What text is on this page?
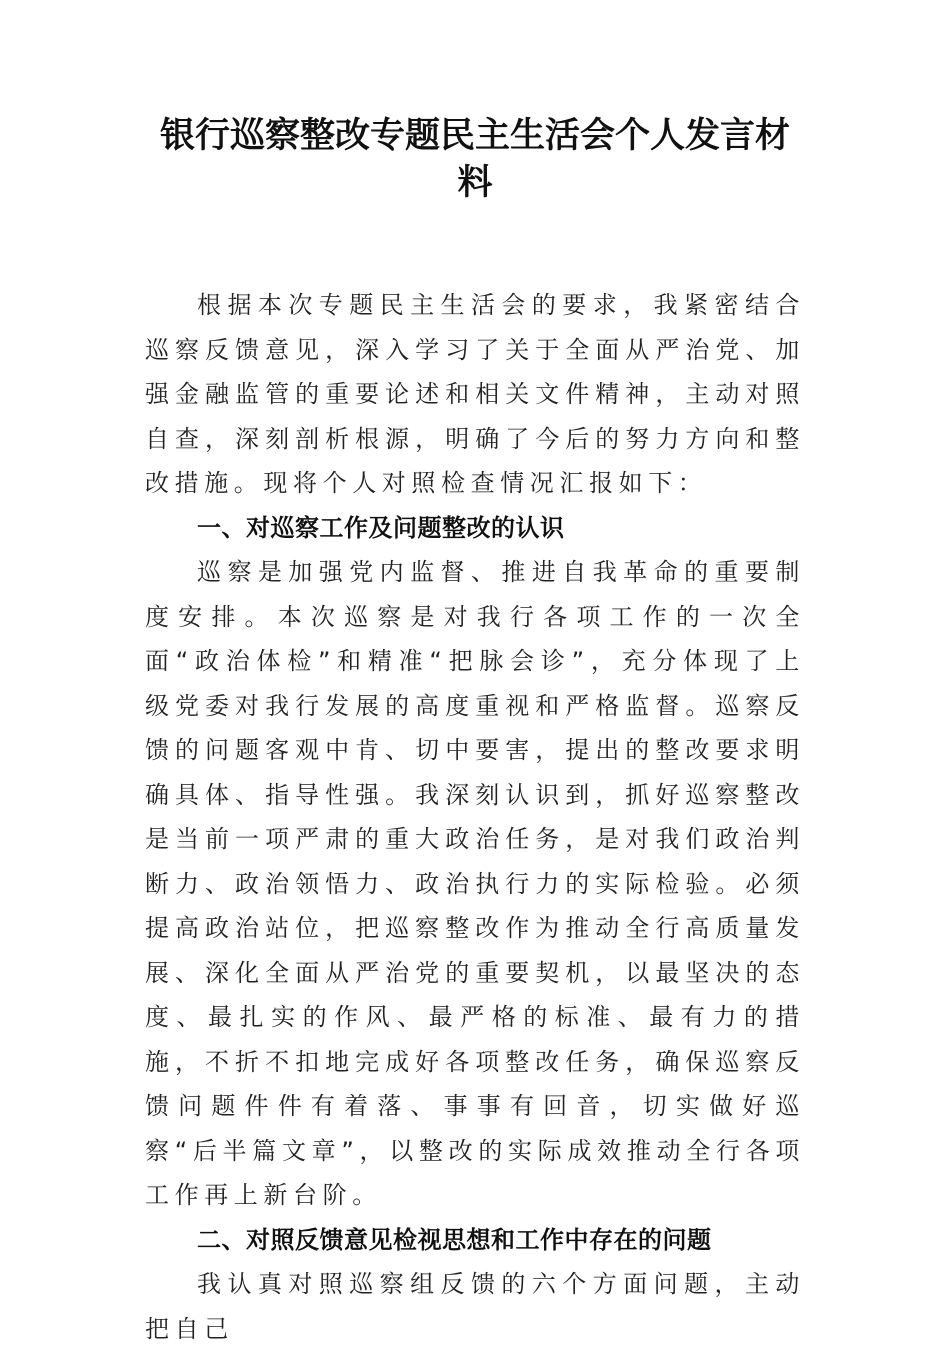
银行巡察整改专题民主生活会个人发言材料

根据本次专题民主生活会的要求，我紧密结合巡察反馈意见，深入学习了关于全面从严治党、加强金融监管的重要论述和相关文件精神，主动对照自查，深刻剖析根源，明确了今后的努力方向和整改措施。现将个人对照检查情况汇报如下：

一、对巡察工作及问题整改的认识

巡察是加强党内监督、推进自我革命的重要制度安排。本次巡察是对我行各项工作的一次全面“政治体检”和精准“把脉会诊”，充分体现了上级党委对我行发展的高度重视和严格监督。巡察反馈的问题客观中肯、切中要害，提出的整改要求明确具体、指导性强。我深刻认识到，抓好巡察整改是当前一项严肃的重大政治任务，是对我们政治判断力、政治领悟力、政治执行力的实际检验。必须提高政治站位，把巡察整改作为推动全行高质量发展、深化全面从严治党的重要契机，以最坚决的态度、最扎实的作风、最严格的标准、最有力的措施，不折不扣地完成好各项整改任务，确保巡察反馈问题件件有着落、事事有回音，切实做好巡察“后半篇文章”，以整改的实际成效推动全行各项工作再上新台阶。

二、对照反馈意见检视思想和工作中存在的问题

我认真对照巡察组反馈的六个方面问题，主动把自己
